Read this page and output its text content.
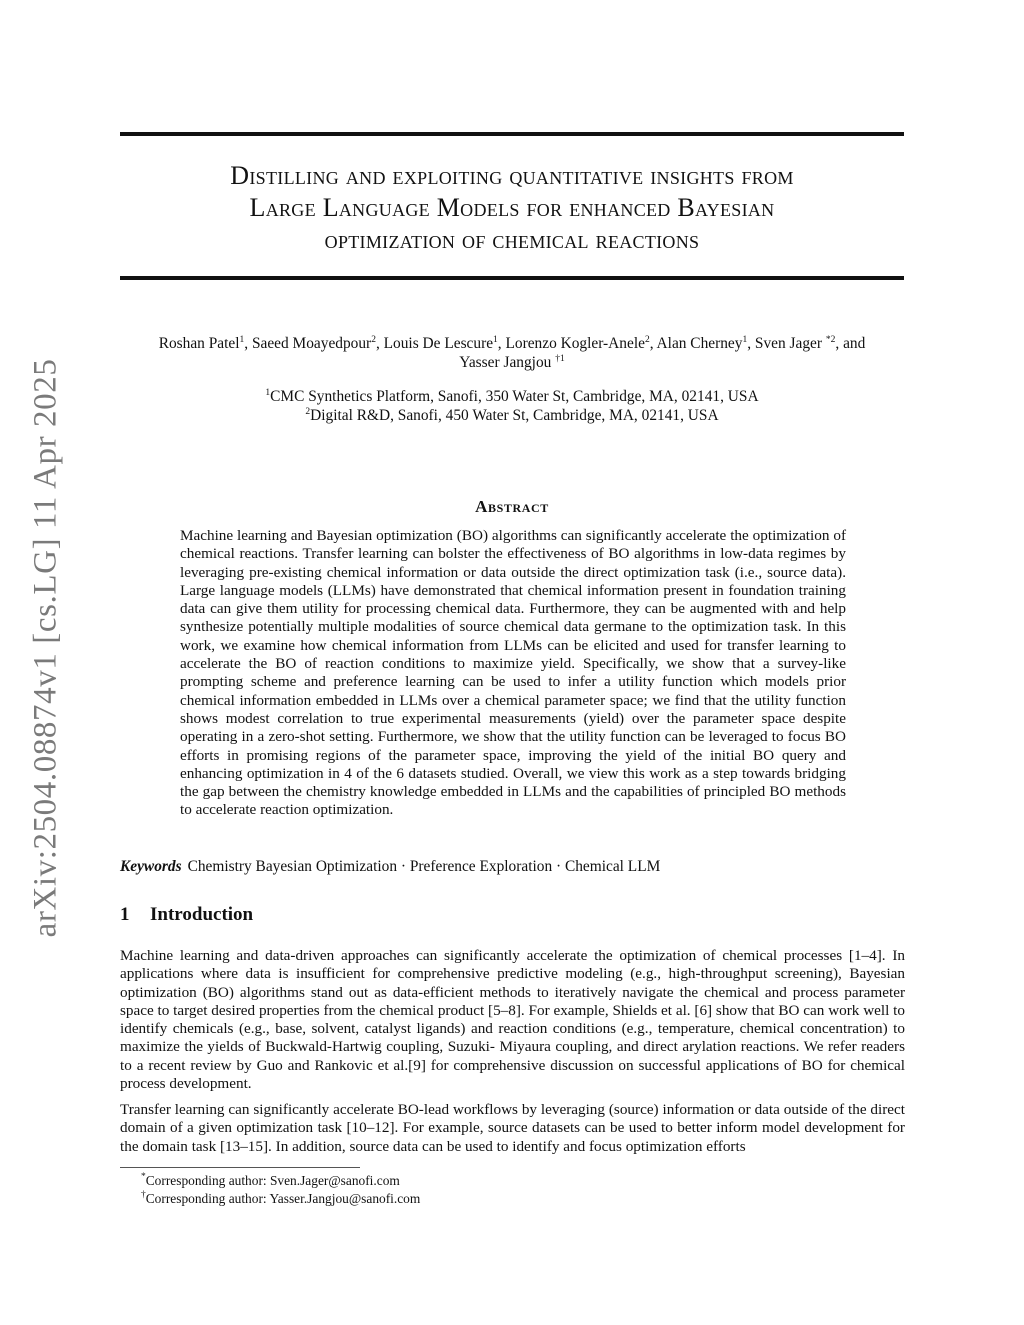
arXiv:2504.08874v1 [cs.LG] 11 Apr 2025
Distilling and exploiting quantitative insights from
Large Language Models for enhanced Bayesian
optimization of chemical reactions
Roshan Patel$^1$, Saeed Moayedpour$^2$, Louis De Lescure$^1$, Lorenzo Kogler-Anele$^2$, Alan Cherney$^1$, Sven Jager $^{*2}$, and
Yasser Jangjou $^{\dagger 1}$
$^1$CMC Synthetics Platform, Sanofi, 350 Water St, Cambridge, MA, 02141, USA
$^2$Digital R&D, Sanofi, 450 Water St, Cambridge, MA, 02141, USA
Abstract
Machine learning and Bayesian optimization (BO) algorithms can significantly accelerate the optimization of chemical reactions. Transfer learning can bolster the effectiveness of BO algorithms in low-data regimes by leveraging pre-existing chemical information or data outside the direct optimization task (i.e., source data). Large language models (LLMs) have demonstrated that chemical information present in foundation training data can give them utility for processing chemical data. Furthermore, they can be augmented with and help synthesize potentially multiple modalities of source chemical data germane to the optimization task. In this work, we examine how chemical information from LLMs can be elicited and used for transfer learning to accelerate the BO of reaction conditions to maximize yield. Specifically, we show that a survey-like prompting scheme and preference learning can be used to infer a utility function which models prior chemical information embedded in LLMs over a chemical parameter space; we find that the utility function shows modest correlation to true experimental measurements (yield) over the parameter space despite operating in a zero-shot setting. Furthermore, we show that the utility function can be leveraged to focus BO efforts in promising regions of the parameter space, improving the yield of the initial BO query and enhancing optimization in 4 of the 6 datasets studied. Overall, we view this work as a step towards bridging the gap between the chemistry knowledge embedded in LLMs and the capabilities of principled BO methods to accelerate reaction optimization.
Keywords Chemistry Bayesian Optimization · Preference Exploration · Chemical LLM
1 Introduction

Machine learning and data-driven approaches can significantly accelerate the optimization of chemical processes [1–4]. In applications where data is insufficient for comprehensive predictive modeling (e.g., high-throughput screening), Bayesian optimization (BO) algorithms stand out as data-efficient methods to iteratively navigate the chemical and process parameter space to target desired properties from the chemical product [5–8]. For example, Shields et al. [6] show that BO can work well to identify chemicals (e.g., base, solvent, catalyst ligands) and reaction conditions (e.g., temperature, chemical concentration) to maximize the yields of Buckwald-Hartwig coupling, Suzuki- Miyaura coupling, and direct arylation reactions. We refer readers to a recent review by Guo and Rankovic et al.[9] for comprehensive discussion on successful applications of BO for chemical process development.

Transfer learning can significantly accelerate BO-lead workflows by leveraging (source) information or data outside of the direct domain of a given optimization task [10–12]. For example, source datasets can be used to better inform model development for the domain task [13–15]. In addition, source data can be used to identify and focus optimization efforts

*Corresponding author: Sven.Jager@sanofi.com
†Corresponding author: Yasser.Jangjou@sanofi.com
